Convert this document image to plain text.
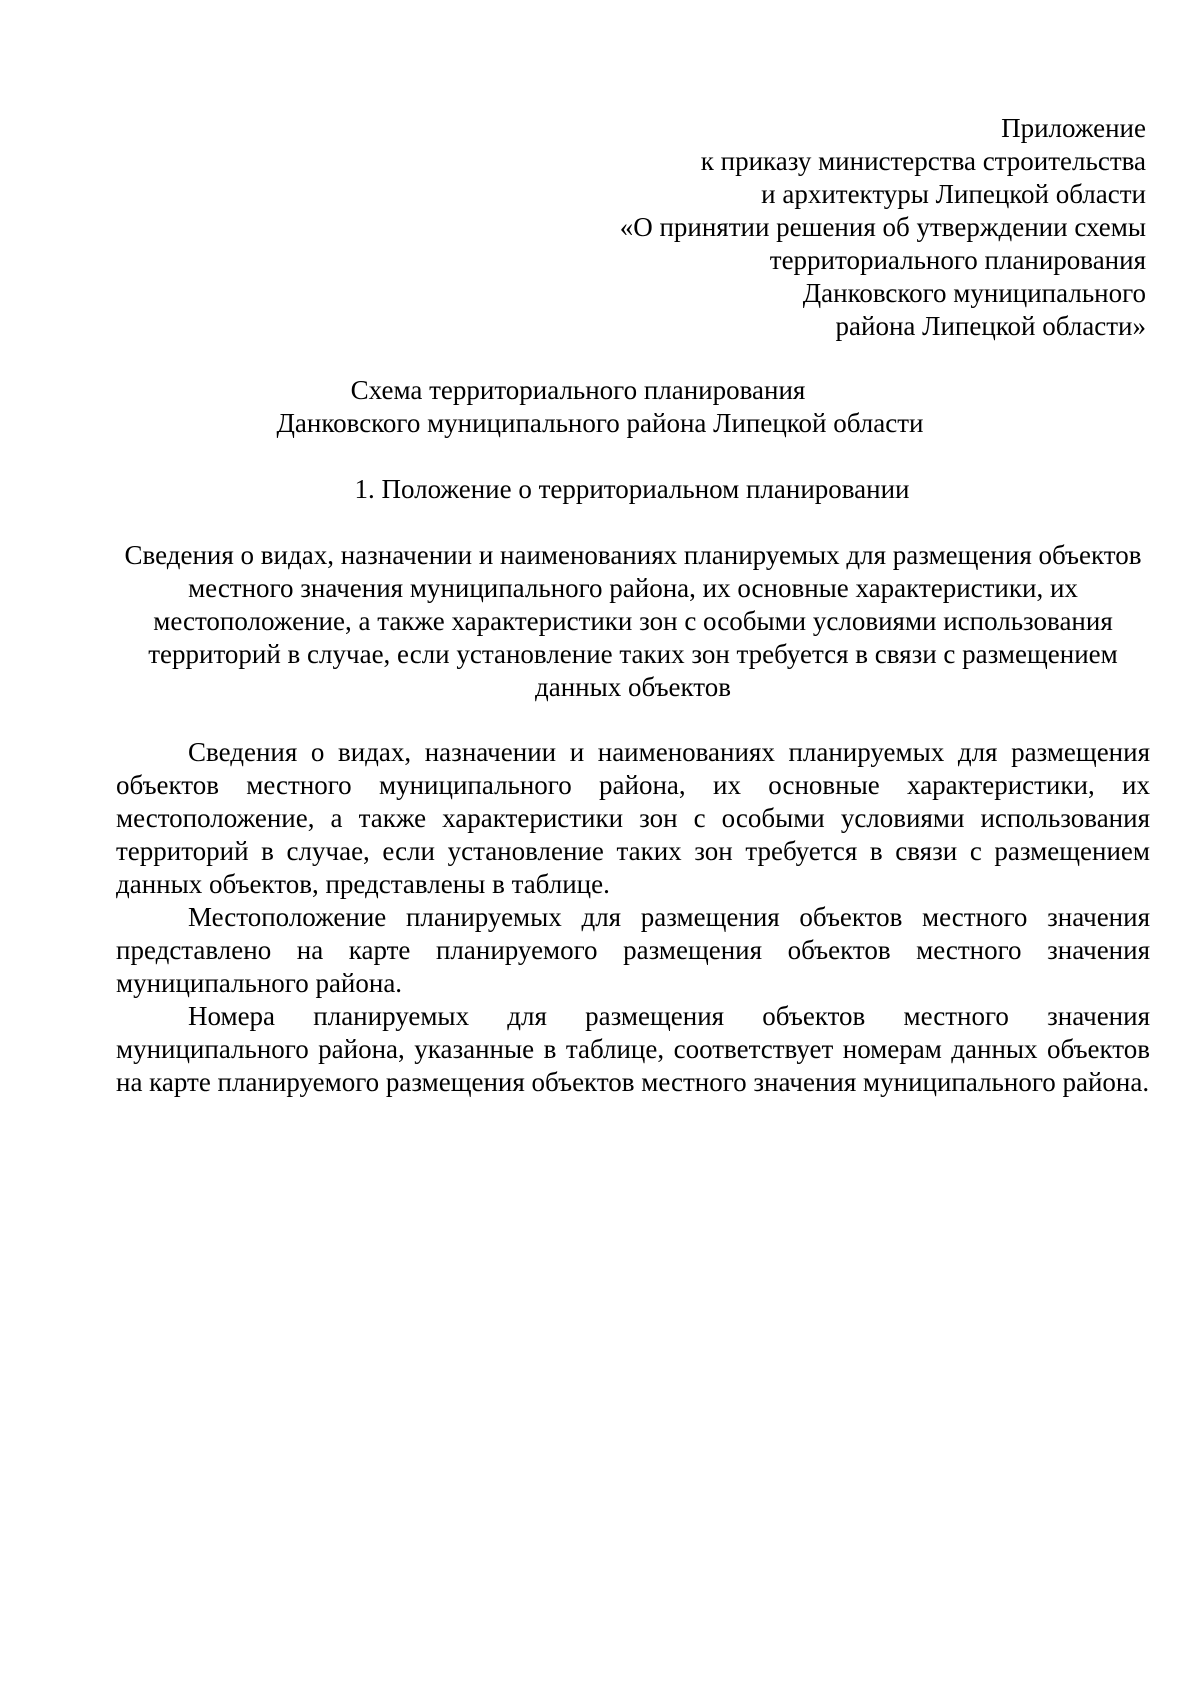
Приложение
к приказу министерства строительства
и архитектуры Липецкой области
«О принятии решения об утверждении схемы
территориального планирования
Данковского муниципального
района Липецкой области»
Схема территориального планирования
Данковского муниципального района Липецкой области
1. Положение о территориальном планировании
Сведения о видах, назначении и наименованиях планируемых для размещения объектов местного значения муниципального района, их основные характеристики, их местоположение, а также характеристики зон с особыми условиями использования территорий в случае, если установление таких зон требуется в связи с размещением данных объектов

Сведения о видах, назначении и наименованиях планируемых для размещения объектов местного муниципального района, их основные характеристики, их местоположение, а также характеристики зон с особыми условиями использования территорий в случае, если установление таких зон требуется в связи с размещением данных объектов, представлены в таблице.

Местоположение планируемых для размещения объектов местного значения представлено на карте планируемого размещения объектов местного значения муниципального района.

Номера планируемых для размещения объектов местного значения муниципального района, указанные в таблице, соответствует номерам данных объектов на карте планируемого размещения объектов местного значения муниципального района.
